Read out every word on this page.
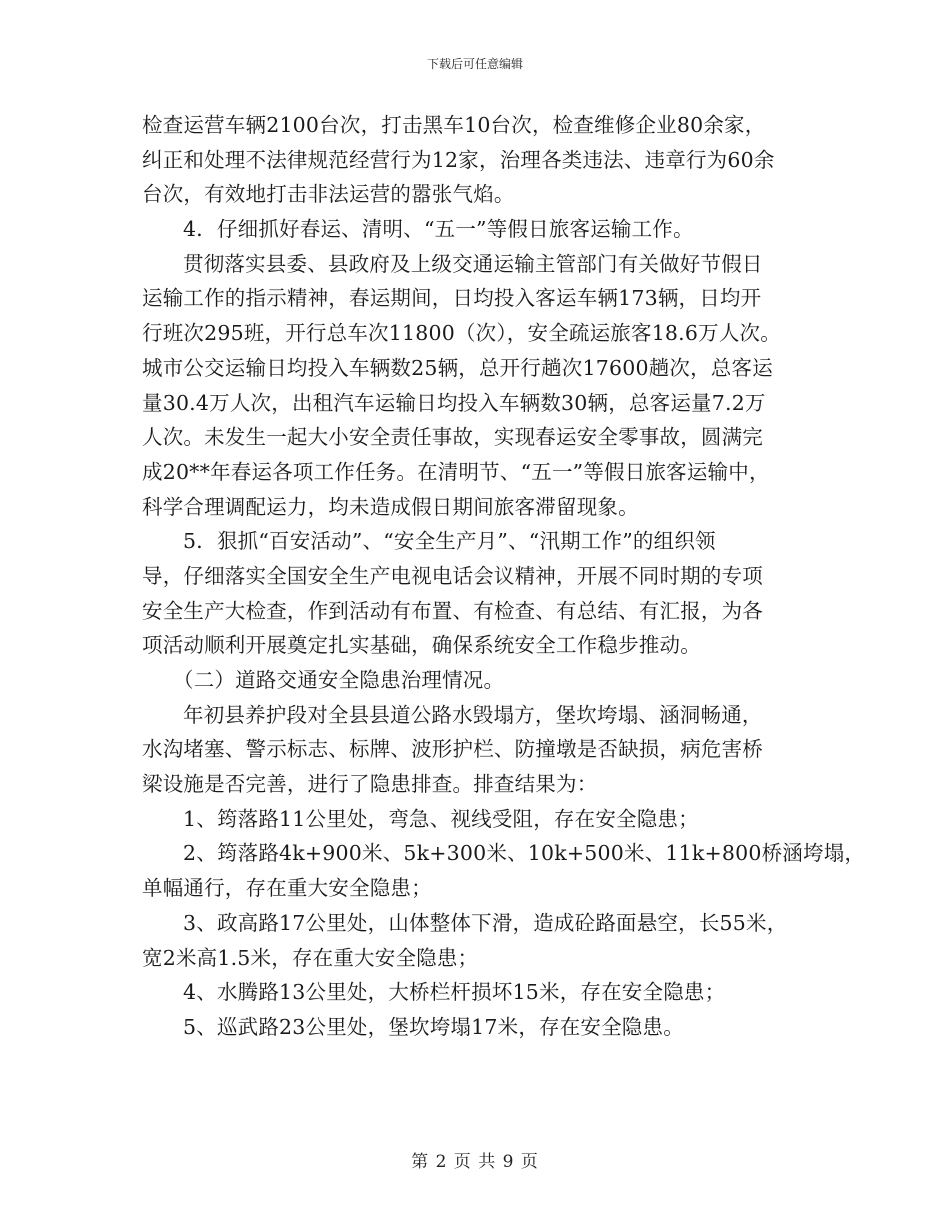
下载后可任意编辑
检查运营车辆2100台次，打击黑车10台次，检查维修企业80余家，
纠正和处理不法律规范经营行为12家，治理各类违法、违章行为60余
台次，有效地打击非法运营的嚣张气焰。
4．仔细抓好春运、清明、“五一”等假日旅客运输工作。
贯彻落实县委、县政府及上级交通运输主管部门有关做好节假日
运输工作的指示精神，春运期间，日均投入客运车辆173辆，日均开
行班次295班，开行总车次11800（次），安全疏运旅客18.6万人次。
城市公交运输日均投入车辆数25辆，总开行趟次17600趟次，总客运
量30.4万人次，出租汽车运输日均投入车辆数30辆，总客运量7.2万
人次。未发生一起大小安全责任事故，实现春运安全零事故，圆满完
成20**年春运各项工作任务。在清明节、“五一”等假日旅客运输中，
科学合理调配运力，均未造成假日期间旅客滞留现象。
5．狠抓“百安活动”、“安全生产月”、“汛期工作”的组织领
导，仔细落实全国安全生产电视电话会议精神，开展不同时期的专项
安全生产大检查，作到活动有布置、有检查、有总结、有汇报，为各
项活动顺利开展奠定扎实基础，确保系统安全工作稳步推动。
（二）道路交通安全隐患治理情况。
年初县养护段对全县县道公路水毁塌方，堡坎垮塌、涵洞畅通，
水沟堵塞、警示标志、标牌、波形护栏、防撞墩是否缺损，病危害桥
梁设施是否完善，进行了隐患排查。排查结果为：
1、筠落路11公里处，弯急、视线受阻，存在安全隐患；
2、筠落路4k+900米、5k+300米、10k+500米、11k+800桥涵垮塌，
单幅通行，存在重大安全隐患；
3、政高路17公里处，山体整体下滑，造成砼路面悬空，长55米，
宽2米高1.5米，存在重大安全隐患；
4、水腾路13公里处，大桥栏杆损坏15米，存在安全隐患；
5、巡武路23公里处，堡坎垮塌17米，存在安全隐患。
第 2 页 共 9 页
